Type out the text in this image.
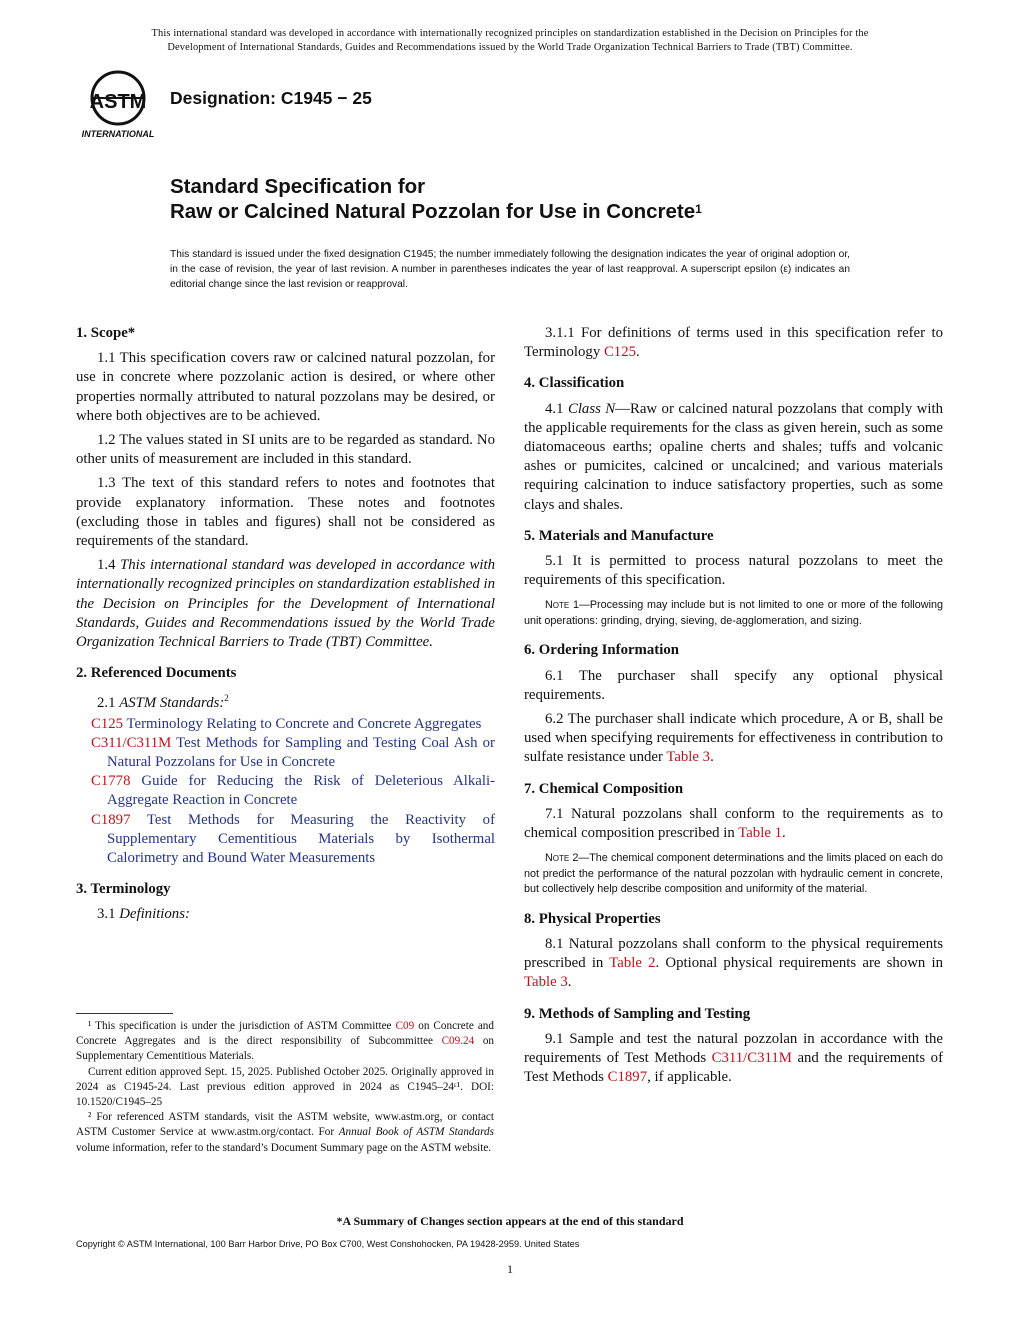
This international standard was developed in accordance with internationally recognized principles on standardization established in the Decision on Principles for the
Development of International Standards, Guides and Recommendations issued by the World Trade Organization Technical Barriers to Trade (TBT) Committee.
ASTM
INTERNATIONAL
Designation: C1945 − 25
Standard Specification for
Raw or Calcined Natural Pozzolan for Use in Concrete$^1$
This standard is issued under the fixed designation C1945; the number immediately following the designation indicates the year of original adoption or, in the case of revision, the year of last revision. A number in parentheses indicates the year of last reapproval. A superscript epsilon (ε) indicates an editorial change since the last revision or reapproval.

1. Scope*

1.1 This specification covers raw or calcined natural pozzolan, for use in concrete where pozzolanic action is desired, or where other properties normally attributed to natural pozzolans may be desired, or where both objectives are to be achieved.

1.2 The values stated in SI units are to be regarded as standard. No other units of measurement are included in this standard.

1.3 The text of this standard refers to notes and footnotes that provide explanatory information. These notes and footnotes (excluding those in tables and figures) shall not be considered as requirements of the standard.

1.4 This international standard was developed in accordance with internationally recognized principles on standardization established in the Decision on Principles for the Development of International Standards, Guides and Recommendations issued by the World Trade Organization Technical Barriers to Trade (TBT) Committee.

2. Referenced Documents

2.1 ASTM Standards:$^2$

C125 Terminology Relating to Concrete and Concrete Aggregates

C311/C311M Test Methods for Sampling and Testing Coal Ash or Natural Pozzolans for Use in Concrete

C1778 Guide for Reducing the Risk of Deleterious Alkali-Aggregate Reaction in Concrete

C1897 Test Methods for Measuring the Reactivity of Supplementary Cementitious Materials by Isothermal Calorimetry and Bound Water Measurements

3. Terminology

3.1 Definitions:

¹ This specification is under the jurisdiction of ASTM Committee C09 on Concrete and Concrete Aggregates and is the direct responsibility of Subcommittee C09.24 on Supplementary Cementitious Materials.

Current edition approved Sept. 15, 2025. Published October 2025. Originally approved in 2024 as C1945-24. Last previous edition approved in 2024 as C1945–24ᵋ¹. DOI: 10.1520/C1945–25

² For referenced ASTM standards, visit the ASTM website, www.astm.org, or contact ASTM Customer Service at www.astm.org/contact. For Annual Book of ASTM Standards volume information, refer to the standard’s Document Summary page on the ASTM website.

3.1.1 For definitions of terms used in this specification refer to Terminology C125.

4. Classification

4.1 Class N—Raw or calcined natural pozzolans that comply with the applicable requirements for the class as given herein, such as some diatomaceous earths; opaline cherts and shales; tuffs and volcanic ashes or pumicites, calcined or uncalcined; and various materials requiring calcination to induce satisfactory properties, such as some clays and shales.

5. Materials and Manufacture

5.1 It is permitted to process natural pozzolans to meet the requirements of this specification.

Note 1—Processing may include but is not limited to one or more of the following unit operations: grinding, drying, sieving, de-agglomeration, and sizing.

6. Ordering Information

6.1 The purchaser shall specify any optional physical requirements.

6.2 The purchaser shall indicate which procedure, A or B, shall be used when specifying requirements for effectiveness in contribution to sulfate resistance under Table 3.

7. Chemical Composition

7.1 Natural pozzolans shall conform to the requirements as to chemical composition prescribed in Table 1.

Note 2—The chemical component determinations and the limits placed on each do not predict the performance of the natural pozzolan with hydraulic cement in concrete, but collectively help describe composition and uniformity of the material.

8. Physical Properties

8.1 Natural pozzolans shall conform to the physical requirements prescribed in Table 2. Optional physical requirements are shown in Table 3.

9. Methods of Sampling and Testing

9.1 Sample and test the natural pozzolan in accordance with the requirements of Test Methods C311/C311M and the requirements of Test Methods C1897, if applicable.

*A Summary of Changes section appears at the end of this standard
Copyright © ASTM International, 100 Barr Harbor Drive, PO Box C700, West Conshohocken, PA 19428-2959. United States
1
